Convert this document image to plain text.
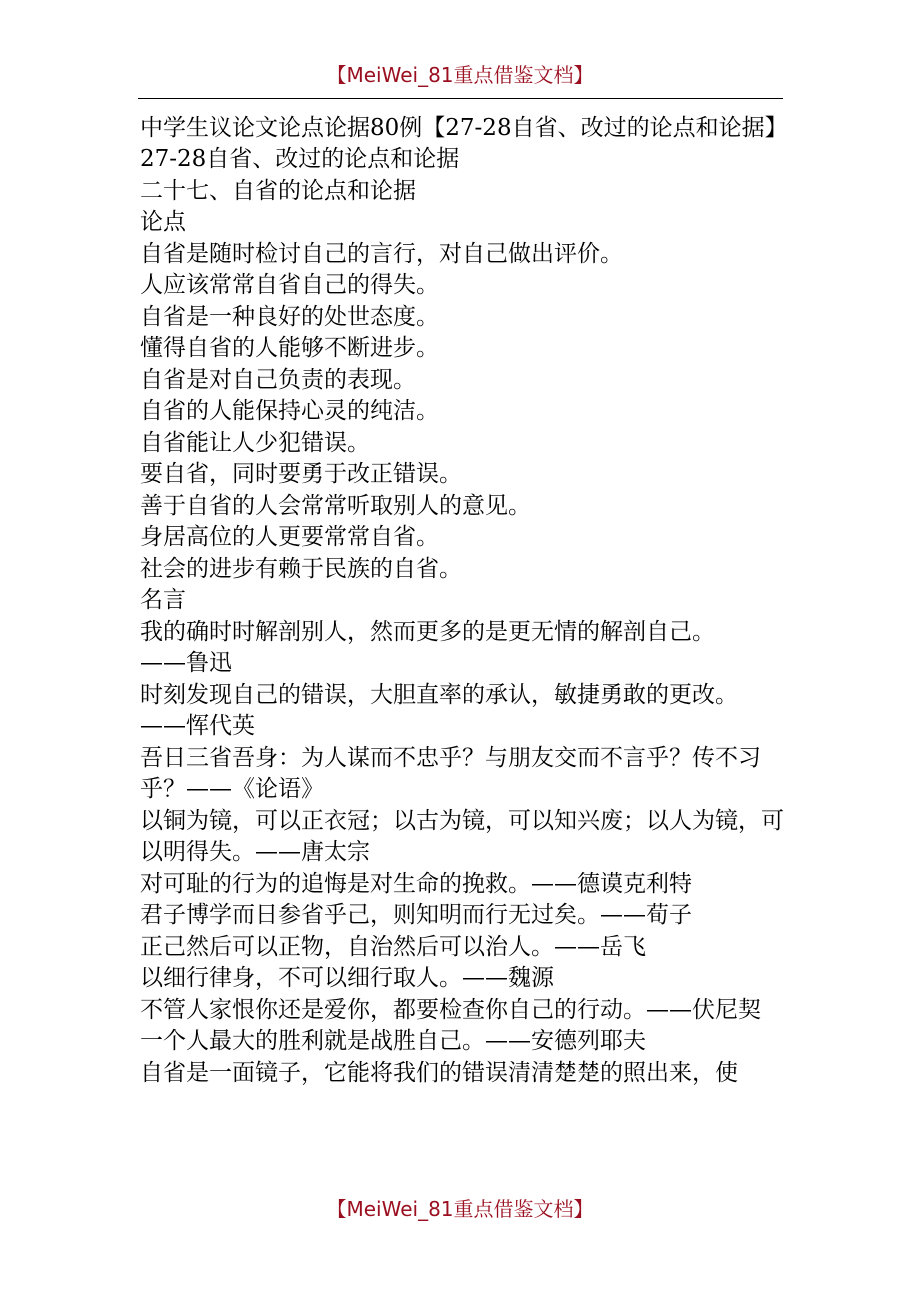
【MeiWei_81重点借鉴文档】
中学生议论文论点论据80例【27-28自省、改过的论点和论据】

27-28自省、改过的论点和论据

二十七、自省的论点和论据

论点

自省是随时检讨自己的言行，对自己做出评价。

人应该常常自省自己的得失。

自省是一种良好的处世态度。

懂得自省的人能够不断进步。

自省是对自己负责的表现。

自省的人能保持心灵的纯洁。

自省能让人少犯错误。

要自省，同时要勇于改正错误。

善于自省的人会常常听取别人的意见。

身居高位的人更要常常自省。

社会的进步有赖于民族的自省。

名言

我的确时时解剖别人，然而更多的是更无情的解剖自己。

——鲁迅

时刻发现自己的错误，大胆直率的承认，敏捷勇敢的更改。

——恽代英

吾日三省吾身：为人谋而不忠乎？与朋友交而不言乎？传不习乎？——《论语》

以铜为镜，可以正衣冠；以古为镜，可以知兴废；以人为镜，可以明得失。——唐太宗

对可耻的行为的追悔是对生命的挽救。——德谟克利特

君子博学而日参省乎己，则知明而行无过矣。——荀子

正己然后可以正物，自治然后可以治人。——岳飞

以细行律身，不可以细行取人。——魏源

不管人家恨你还是爱你，都要检查你自己的行动。——伏尼契

一个人最大的胜利就是战胜自己。——安德列耶夫

自省是一面镜子，它能将我们的错误清清楚楚的照出来，使

【MeiWei_81重点借鉴文档】
